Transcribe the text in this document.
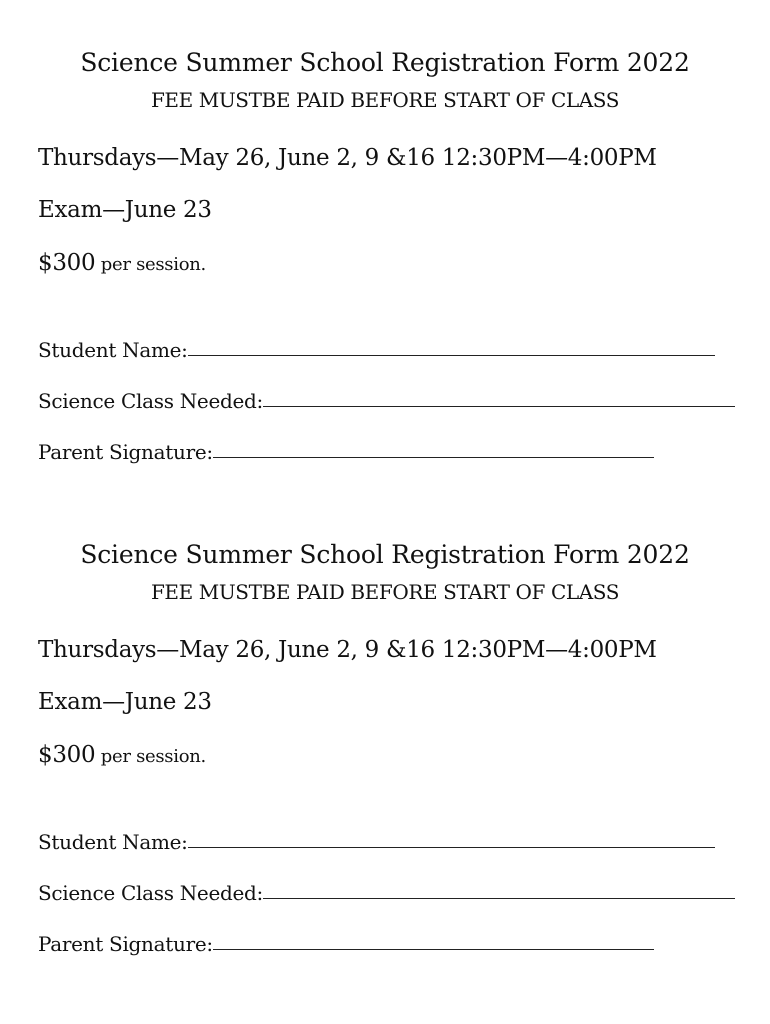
Science Summer School Registration Form 2022
FEE MUSTBE PAID BEFORE START OF CLASS
Thursdays—May 26, June 2, 9 &16 12:30PM—4:00PM
Exam—June 23
$300 per session.
Student Name:
Science Class Needed:
Parent Signature:
Science Summer School Registration Form 2022
FEE MUSTBE PAID BEFORE START OF CLASS
Thursdays—May 26, June 2, 9 &16 12:30PM—4:00PM
Exam—June 23
$300 per session.
Student Name:
Science Class Needed:
Parent Signature:
